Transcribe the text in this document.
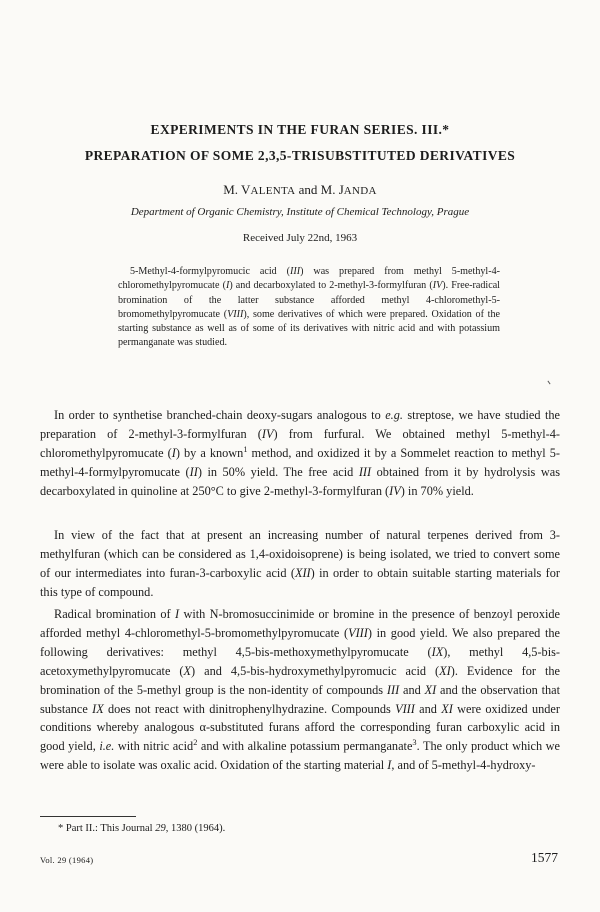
EXPERIMENTS IN THE FURAN SERIES. III.*
PREPARATION OF SOME 2,3,5-TRISUBSTITUTED DERIVATIVES

M. VALENTA and M. JANDA

Department of Organic Chemistry, Institute of Chemical Technology, Prague

Received July 22nd, 1963

5-Methyl-4-formylpyromucic acid (III) was prepared from methyl 5-methyl-4-chloromethylpyromucate (I) and decarboxylated to 2-methyl-3-formylfuran (IV). Free-radical bromination of the latter substance afforded methyl 4-chloromethyl-5-bromomethylpyromucate (VIII), some derivatives of which were prepared. Oxidation of the starting substance as well as of some of its derivatives with nitric acid and with potassium permanganate was studied.

In order to synthetise branched-chain deoxy-sugars analogous to e.g. streptose, we have studied the preparation of 2-methyl-3-formylfuran (IV) from furfural. We obtained methyl 5-methyl-4-chloromethylpyromucate (I) by a known$^1$ method, and oxidized it by a Sommelet reaction to methyl 5-methyl-4-formylpyromucate (II) in 50% yield. The free acid III obtained from it by hydrolysis was decarboxylated in quinoline at 250°C to give 2-methyl-3-formylfuran (IV) in 70% yield.

In view of the fact that at present an increasing number of natural terpenes derived from 3-methylfuran (which can be considered as 1,4-oxidoisoprene) is being isolated, we tried to convert some of our intermediates into furan-3-carboxylic acid (XII) in order to obtain suitable starting materials for this type of compound.

Radical bromination of I with N-bromosuccinimide or bromine in the presence of benzoyl peroxide afforded methyl 4-chloromethyl-5-bromomethylpyromucate (VIII) in good yield. We also prepared the following derivatives: methyl 4,5-bis-methoxymethylpyromucate (IX), methyl 4,5-bis-acetoxymethylpyromucate (X) and 4,5-bis-hydroxymethylpyromucic acid (XI). Evidence for the bromination of the 5-methyl group is the non-identity of compounds III and XI and the observation that substance IX does not react with dinitrophenylhydrazine. Compounds VIII and XI were oxidized under conditions whereby analogous α-substituted furans afford the corresponding furan carboxylic acid in good yield, i.e. with nitric acid$^2$ and with alkaline potassium permanganate$^3$. The only product which we were able to isolate was oxalic acid. Oxidation of the starting material I, and of 5-methyl-4-hydroxy-

* Part II.: This Journal 29, 1380 (1964).

Vol. 29 (1964)	1577
